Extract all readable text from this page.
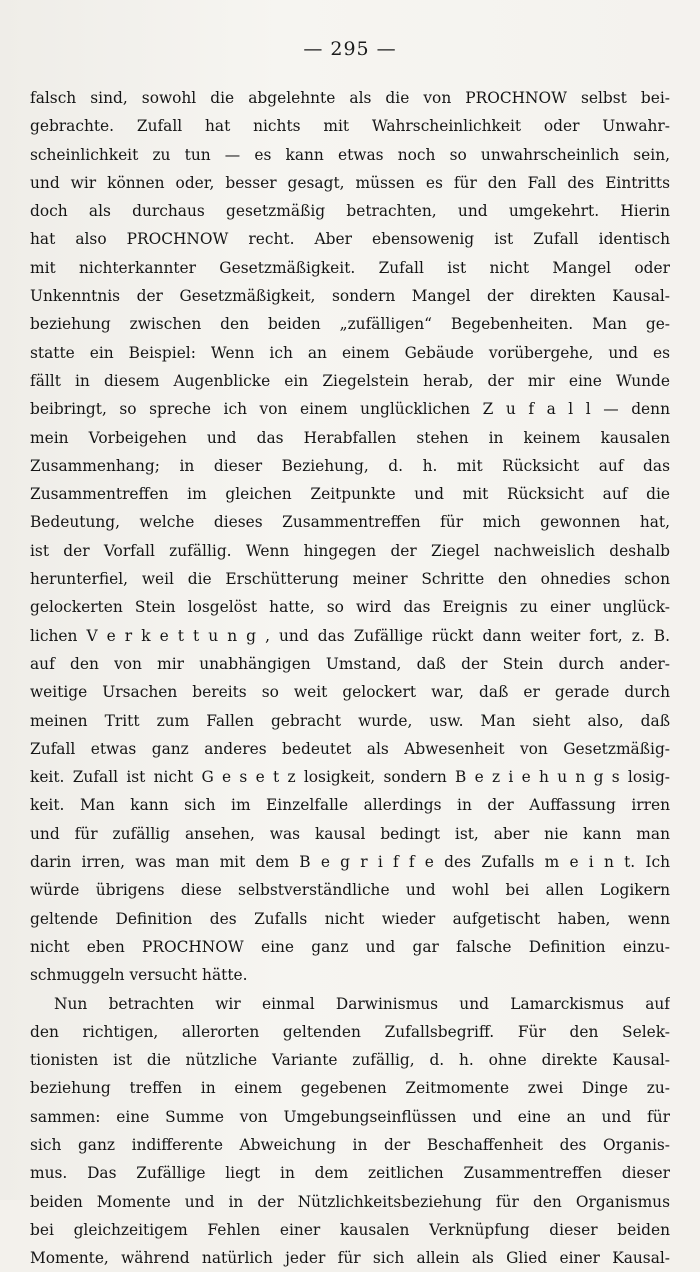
— 295 —
falsch sind, sowohl die abgelehnte als die von PROCHNOW selbst bei-
gebrachte. Zufall hat nichts mit Wahrscheinlichkeit oder Unwahr-
scheinlichkeit zu tun — es kann etwas noch so unwahrscheinlich sein,
und wir können oder, besser gesagt, müssen es für den Fall des Eintritts
doch als durchaus gesetzmäßig betrachten, und umgekehrt. Hierin
hat also PROCHNOW recht. Aber ebensowenig ist Zufall identisch
mit nichterkannter Gesetzmäßigkeit. Zufall ist nicht Mangel oder
Unkenntnis der Gesetzmäßigkeit, sondern Mangel der direkten Kausal-
beziehung zwischen den beiden „zufälligen“ Begebenheiten. Man ge-
statte ein Beispiel: Wenn ich an einem Gebäude vorübergehe, und es
fällt in diesem Augenblicke ein Ziegelstein herab, der mir eine Wunde
beibringt, so spreche ich von einem unglücklichen Z u f a l l — denn
mein Vorbeigehen und das Herabfallen stehen in keinem kausalen
Zusammenhang; in dieser Beziehung, d. h. mit Rücksicht auf das
Zusammentreffen im gleichen Zeitpunkte und mit Rücksicht auf die
Bedeutung, welche dieses Zusammentreffen für mich gewonnen hat,
ist der Vorfall zufällig. Wenn hingegen der Ziegel nachweislich deshalb
herunterfiel, weil die Erschütterung meiner Schritte den ohnedies schon
gelockerten Stein losgelöst hatte, so wird das Ereignis zu einer unglück-
lichen V e r k e t t u n g , und das Zufällige rückt dann weiter fort, z. B.
auf den von mir unabhängigen Umstand, daß der Stein durch ander-
weitige Ursachen bereits so weit gelockert war, daß er gerade durch
meinen Tritt zum Fallen gebracht wurde, usw. Man sieht also, daß
Zufall etwas ganz anderes bedeutet als Abwesenheit von Gesetzmäßig-
keit. Zufall ist nicht G e s e t z losigkeit, sondern B e z i e h u n g s losig-
keit. Man kann sich im Einzelfalle allerdings in der Auffassung irren
und für zufällig ansehen, was kausal bedingt ist, aber nie kann man
darin irren, was man mit dem B e g r i f f e des Zufalls m e i n t. Ich
würde übrigens diese selbstverständliche und wohl bei allen Logikern
geltende Definition des Zufalls nicht wieder aufgetischt haben, wenn
nicht eben PROCHNOW eine ganz und gar falsche Definition einzu-
schmuggeln versucht hätte.
Nun betrachten wir einmal Darwinismus und Lamarckismus auf
den richtigen, allerorten geltenden Zufallsbegriff. Für den Selek-
tionisten ist die nützliche Variante zufällig, d. h. ohne direkte Kausal-
beziehung treffen in einem gegebenen Zeitmomente zwei Dinge zu-
sammen: eine Summe von Umgebungseinflüssen und eine an und für
sich ganz indifferente Abweichung in der Beschaffenheit des Organis-
mus. Das Zufällige liegt in dem zeitlichen Zusammentreffen dieser
beiden Momente und in der Nützlichkeitsbeziehung für den Organismus
bei gleichzeitigem Fehlen einer kausalen Verknüpfung dieser beiden
Momente, während natürlich jeder für sich allein als Glied einer Kausal-
